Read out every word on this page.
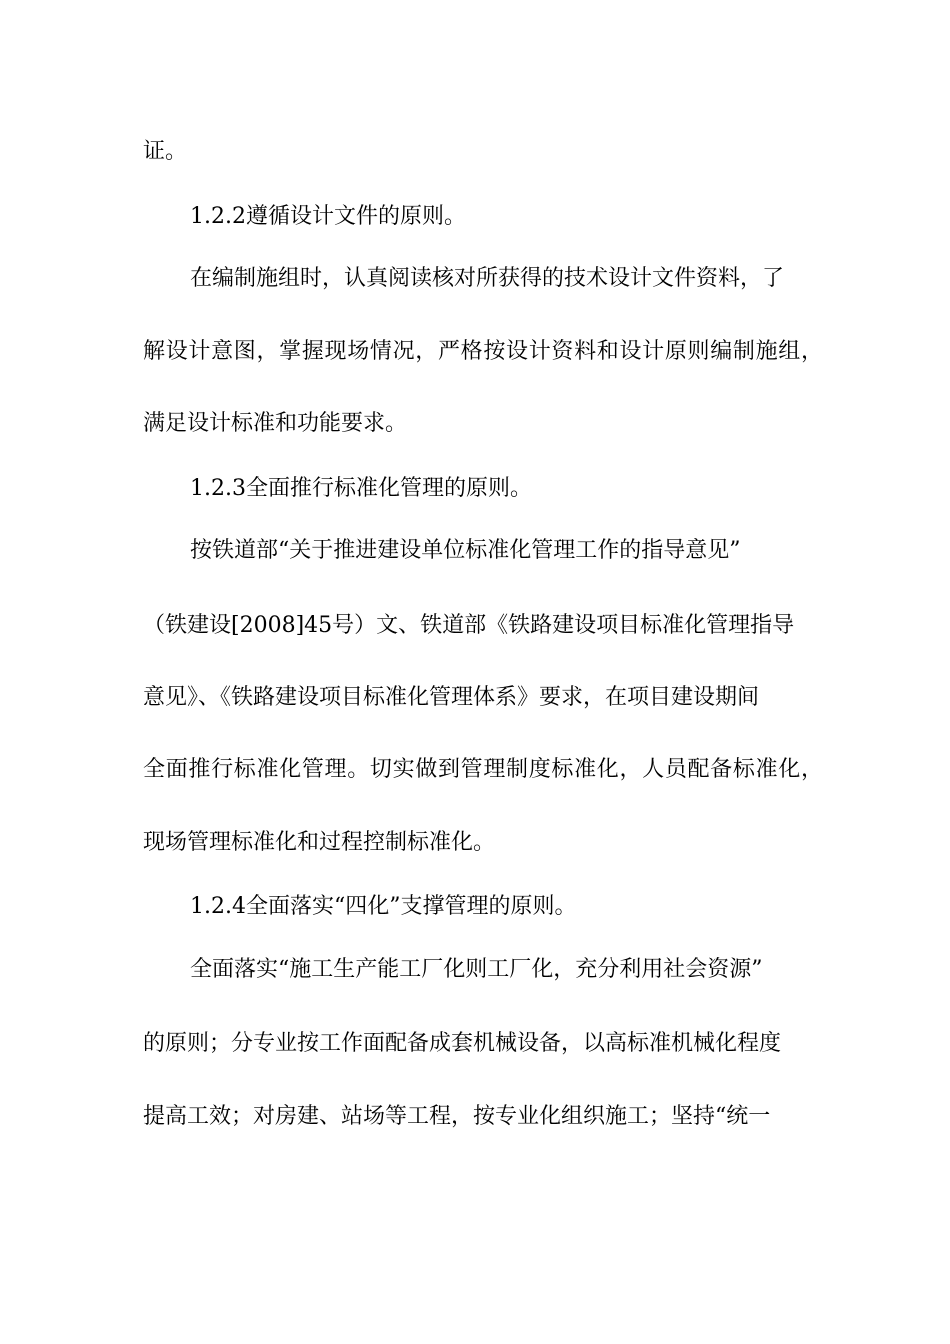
证。
1.2.2遵循设计文件的原则。
在编制施组时，认真阅读核对所获得的技术设计文件资料，了
解设计意图，掌握现场情况，严格按设计资料和设计原则编制施组，
满足设计标准和功能要求。
1.2.3全面推行标准化管理的原则。
按铁道部“关于推进建设单位标准化管理工作的指导意见”
（铁建设[2008]45号）文、铁道部《铁路建设项目标准化管理指导
意见》、《铁路建设项目标准化管理体系》要求，在项目建设期间
全面推行标准化管理。切实做到管理制度标准化，人员配备标准化，
现场管理标准化和过程控制标准化。
1.2.4全面落实“四化”支撑管理的原则。
全面落实“施工生产能工厂化则工厂化，充分利用社会资源”
的原则；分专业按工作面配备成套机械设备，以高标准机械化程度
提高工效；对房建、站场等工程，按专业化组织施工；坚持“统一
